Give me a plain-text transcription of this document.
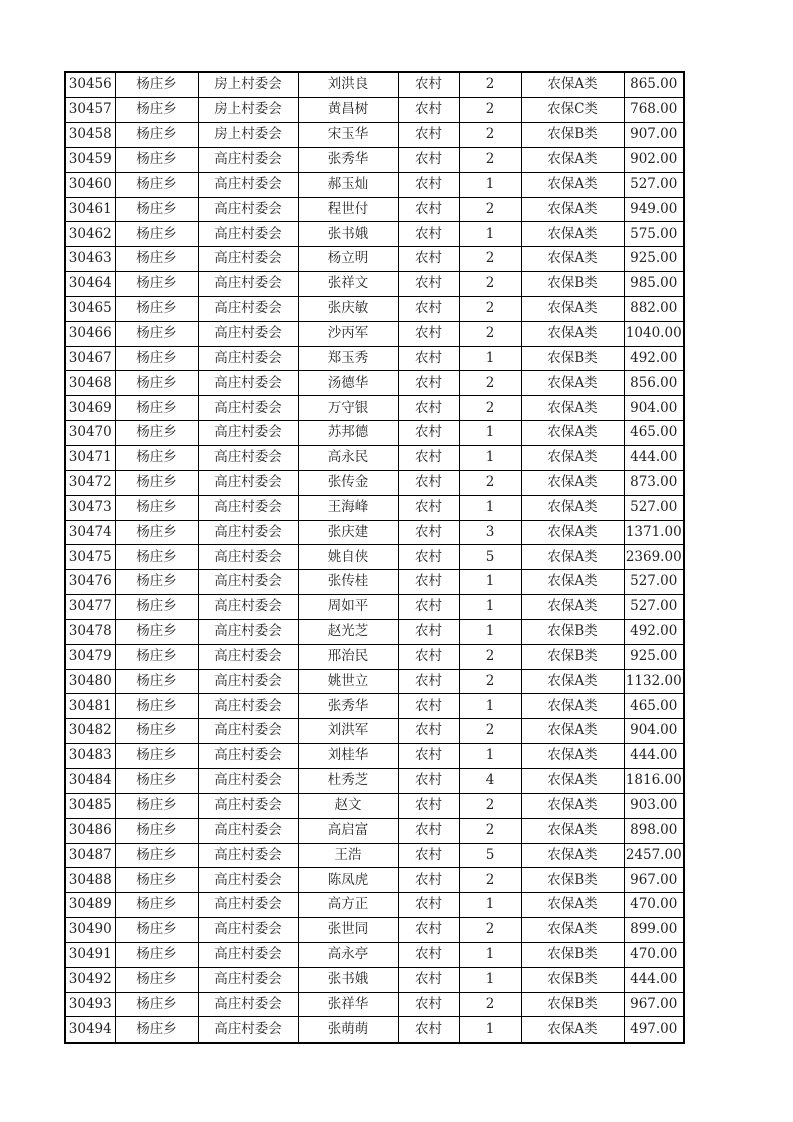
30456	杨庄乡	房上村委会	刘洪良	农村	2	农保A类	865.00
30457	杨庄乡	房上村委会	黄昌树	农村	2	农保C类	768.00
30458	杨庄乡	房上村委会	宋玉华	农村	2	农保B类	907.00
30459	杨庄乡	高庄村委会	张秀华	农村	2	农保A类	902.00
30460	杨庄乡	高庄村委会	郝玉灿	农村	1	农保A类	527.00
30461	杨庄乡	高庄村委会	程世付	农村	2	农保A类	949.00
30462	杨庄乡	高庄村委会	张书娥	农村	1	农保A类	575.00
30463	杨庄乡	高庄村委会	杨立明	农村	2	农保A类	925.00
30464	杨庄乡	高庄村委会	张祥文	农村	2	农保B类	985.00
30465	杨庄乡	高庄村委会	张庆敏	农村	2	农保A类	882.00
30466	杨庄乡	高庄村委会	沙丙军	农村	2	农保A类	1040.00
30467	杨庄乡	高庄村委会	郑玉秀	农村	1	农保B类	492.00
30468	杨庄乡	高庄村委会	汤德华	农村	2	农保A类	856.00
30469	杨庄乡	高庄村委会	万守银	农村	2	农保A类	904.00
30470	杨庄乡	高庄村委会	苏邦德	农村	1	农保A类	465.00
30471	杨庄乡	高庄村委会	高永民	农村	1	农保A类	444.00
30472	杨庄乡	高庄村委会	张传金	农村	2	农保A类	873.00
30473	杨庄乡	高庄村委会	王海峰	农村	1	农保A类	527.00
30474	杨庄乡	高庄村委会	张庆建	农村	3	农保A类	1371.00
30475	杨庄乡	高庄村委会	姚自侠	农村	5	农保A类	2369.00
30476	杨庄乡	高庄村委会	张传桂	农村	1	农保A类	527.00
30477	杨庄乡	高庄村委会	周如平	农村	1	农保A类	527.00
30478	杨庄乡	高庄村委会	赵光芝	农村	1	农保B类	492.00
30479	杨庄乡	高庄村委会	邢治民	农村	2	农保B类	925.00
30480	杨庄乡	高庄村委会	姚世立	农村	2	农保A类	1132.00
30481	杨庄乡	高庄村委会	张秀华	农村	1	农保A类	465.00
30482	杨庄乡	高庄村委会	刘洪军	农村	2	农保A类	904.00
30483	杨庄乡	高庄村委会	刘桂华	农村	1	农保A类	444.00
30484	杨庄乡	高庄村委会	杜秀芝	农村	4	农保A类	1816.00
30485	杨庄乡	高庄村委会	赵文	农村	2	农保A类	903.00
30486	杨庄乡	高庄村委会	高启富	农村	2	农保A类	898.00
30487	杨庄乡	高庄村委会	王浩	农村	5	农保A类	2457.00
30488	杨庄乡	高庄村委会	陈凤虎	农村	2	农保B类	967.00
30489	杨庄乡	高庄村委会	高方正	农村	1	农保A类	470.00
30490	杨庄乡	高庄村委会	张世同	农村	2	农保A类	899.00
30491	杨庄乡	高庄村委会	高永亭	农村	1	农保B类	470.00
30492	杨庄乡	高庄村委会	张书娥	农村	1	农保B类	444.00
30493	杨庄乡	高庄村委会	张祥华	农村	2	农保B类	967.00
30494	杨庄乡	高庄村委会	张萌萌	农村	1	农保A类	497.00
